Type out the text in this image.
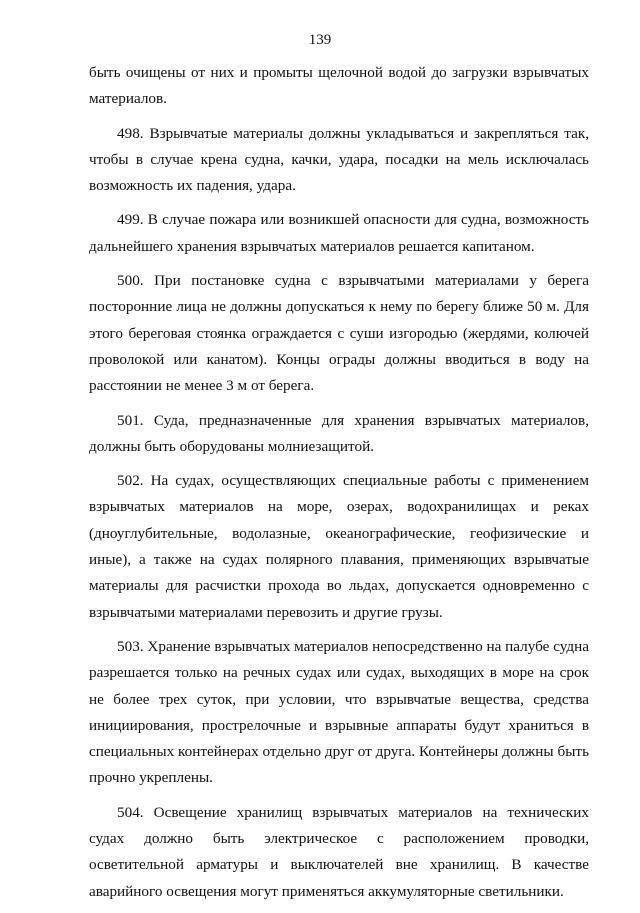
139

быть очищены от них и промыты щелочной водой до загрузки взрывчатых материалов.

498. Взрывчатые материалы должны укладываться и закрепляться так, чтобы в случае крена судна, качки, удара, посадки на мель исключалась возможность их падения, удара.

499. В случае пожара или возникшей опасности для судна, возможность дальнейшего хранения взрывчатых материалов решается капитаном.

500. При постановке судна с взрывчатыми материалами у берега посторонние лица не должны допускаться к нему по берегу ближе 50 м. Для этого береговая стоянка ограждается с суши изгородью (жердями, колючей проволокой или канатом). Концы ограды должны вводиться в воду на расстоянии не менее 3 м от берега.

501. Суда, предназначенные для хранения взрывчатых материалов, должны быть оборудованы молниезащитой.

502. На судах, осуществляющих специальные работы с применением взрывчатых материалов на море, озерах, водохранилищах и реках (дноуглубительные, водолазные, океанографические, геофизические и иные), а также на судах полярного плавания, применяющих взрывчатые материалы для расчистки прохода во льдах, допускается одновременно с взрывчатыми материалами перевозить и другие грузы.

503. Хранение взрывчатых материалов непосредственно на палубе судна разрешается только на речных судах или судах, выходящих в море на срок не более трех суток, при условии, что взрывчатые вещества, средства инициирования, прострелочные и взрывные аппараты будут храниться в специальных контейнерах отдельно друг от друга. Контейнеры должны быть прочно укреплены.

504. Освещение хранилищ взрывчатых материалов на технических судах должно быть электрическое с расположением проводки, осветительной арматуры и выключателей вне хранилищ. В качестве аварийного освещения могут применяться аккумуляторные светильники.
